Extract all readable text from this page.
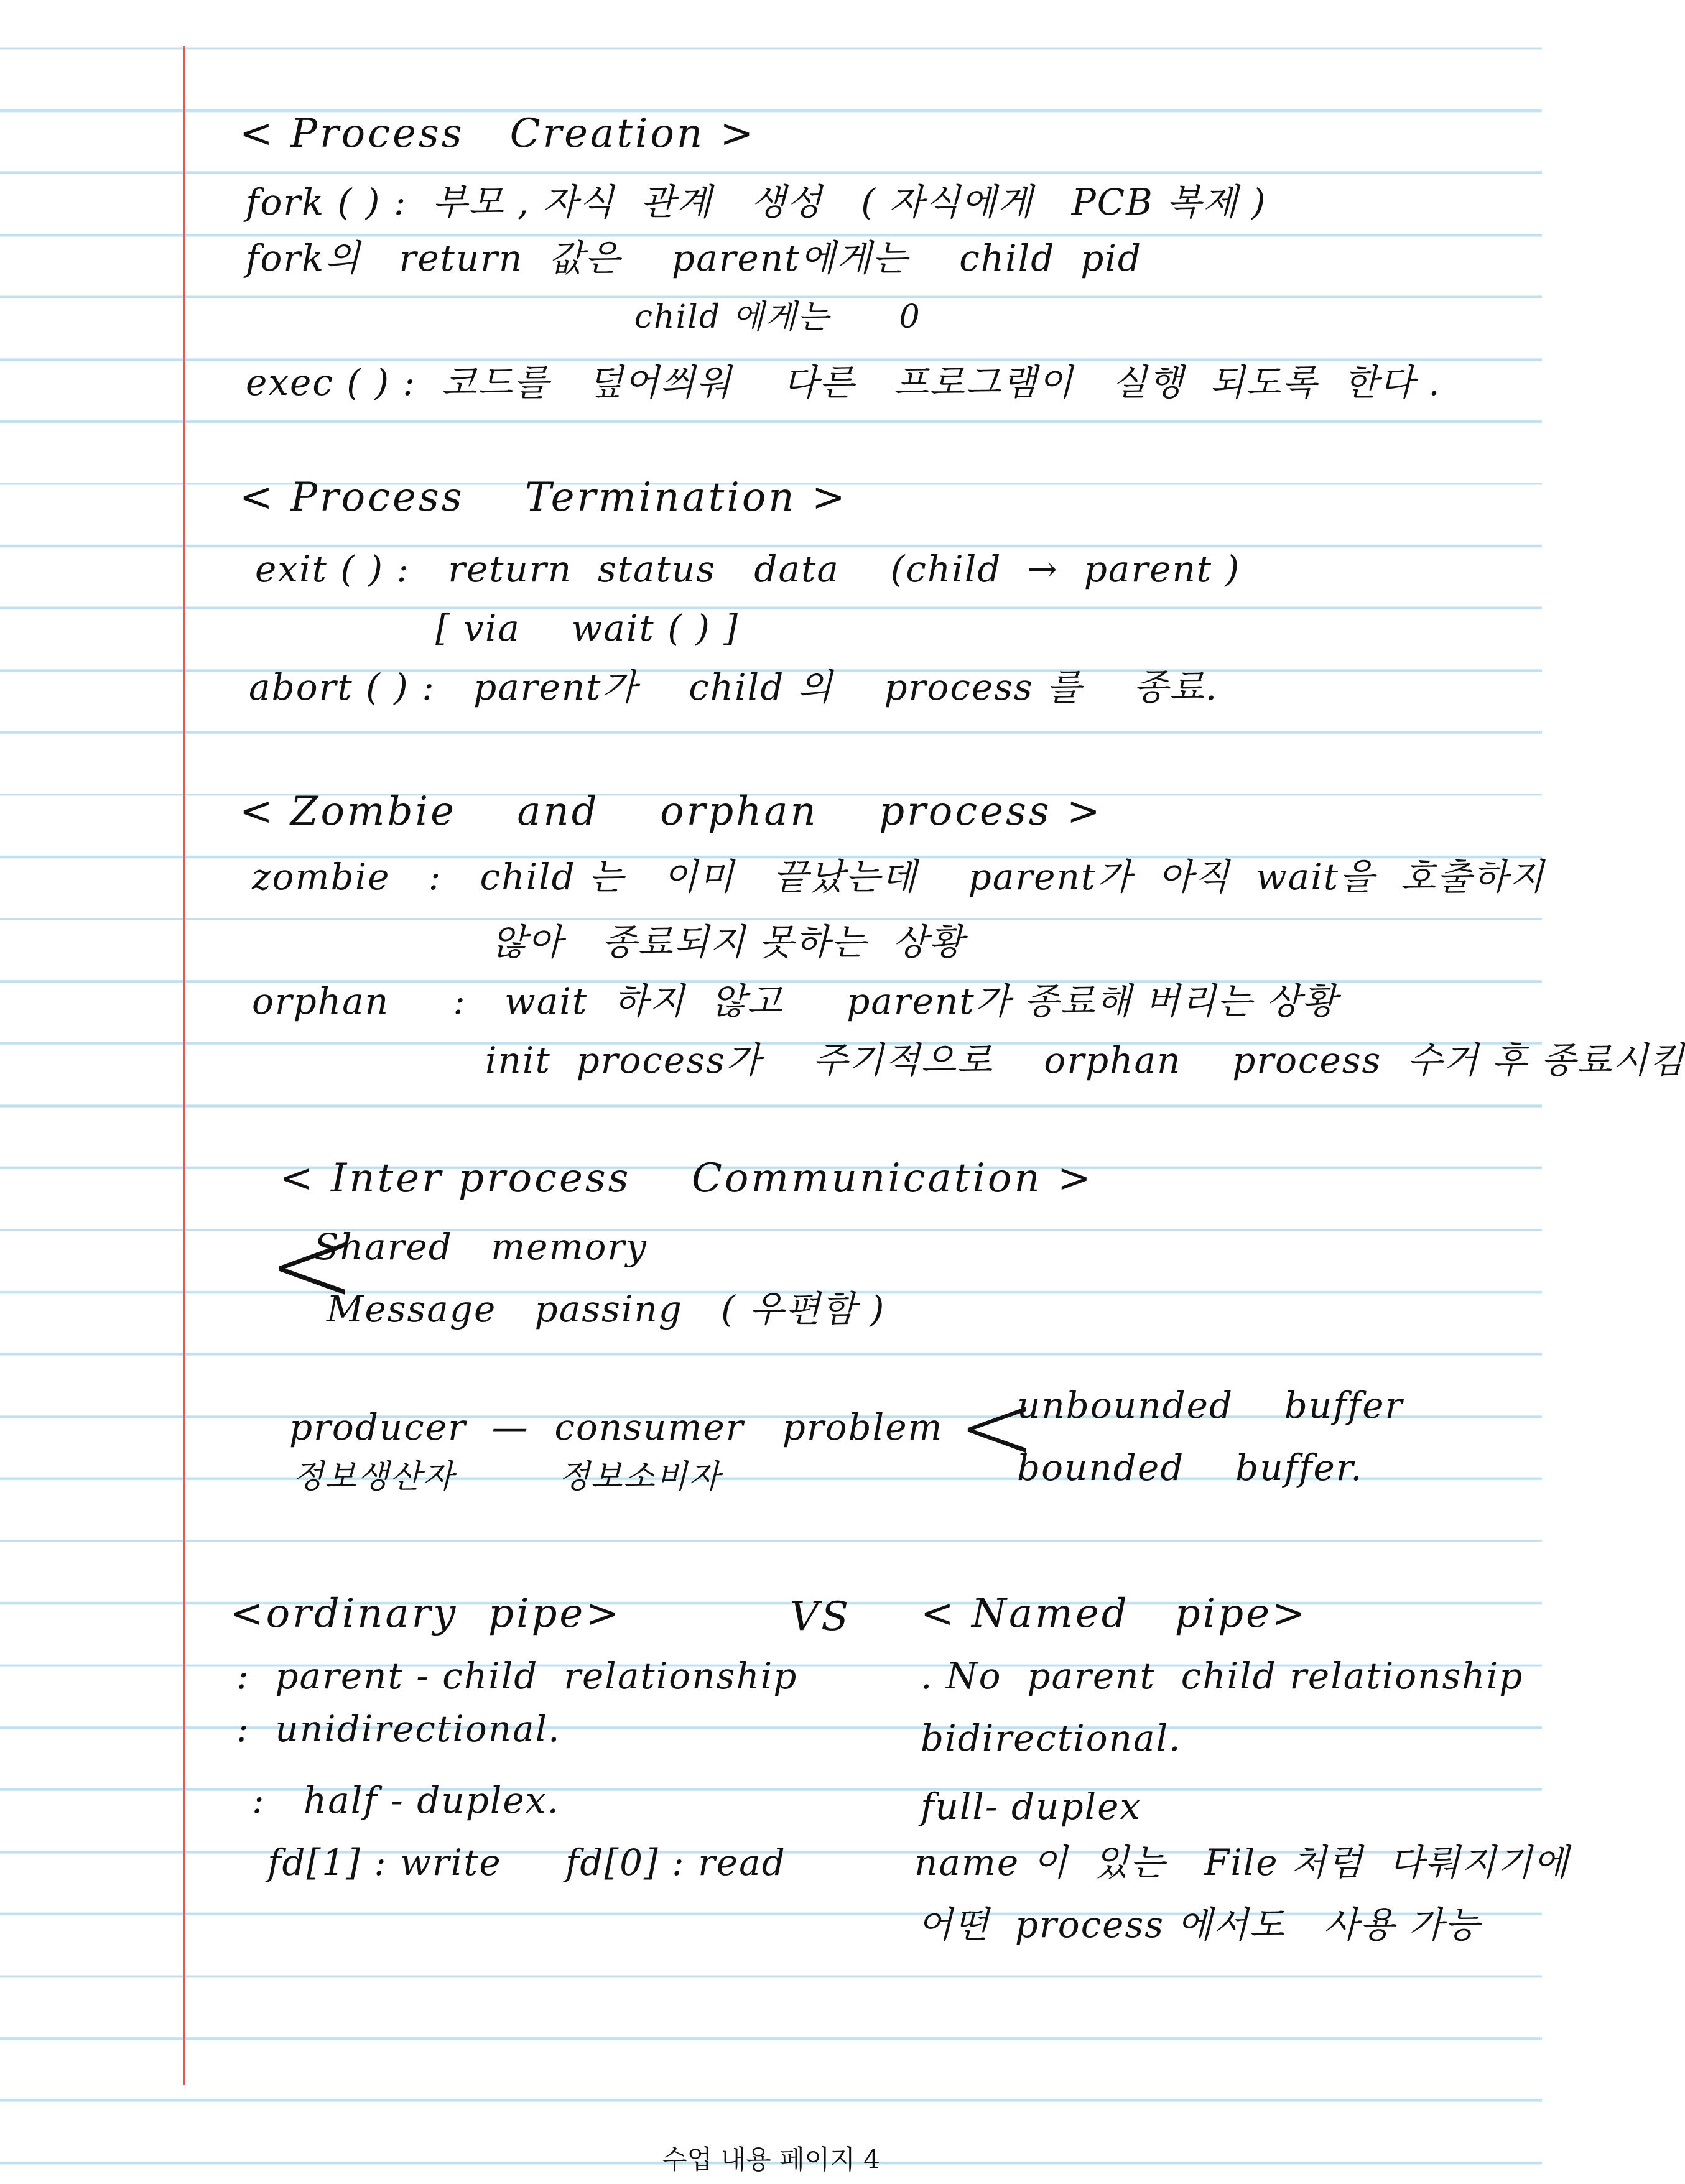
< Process   Creation >
fork ( ) :  부모 , 자식  관계   생성   ( 자식에게   PCB 복제 )
fork의   return  값은    parent에게는    child  pid
child 에게는      0
exec ( ) :  코드를   덮어씌워    다른   프로그램이   실행  되도록  한다 .
< Process    Termination >
exit ( ) :   return  status   data    (child  →  parent )
[ via    wait ( ) ]
abort ( ) :   parent가    child 의    process 를    종료.
< Zombie    and    orphan    process >
zombie   :   child 는   이미   끝났는데    parent가  아직  wait을  호출하지
않아   종료되지 못하는  상황
orphan     :   wait  하지  않고     parent가 종료해 버리는 상황
init  process가    주기적으로    orphan    process  수거 후 종료시킴
< Inter process    Communication >
<
Shared   memory
Message   passing   ( 우편함 )
producer  —  consumer   problem
정보생산자         정보소비자	<
unbounded    buffer
bounded    buffer.
<ordinary  pipe>	VS < Named   pipe>
:  parent - child  relationship
:  unidirectional.
:   half - duplex.
fd[1] : write     fd[0] : read
. No  parent  child relationship
bidirectional.
full- duplex
name 이  있는   File 처럼  다뤄지기에
어떤  process 에서도   사용 가능
수업 내용 페이지 4
